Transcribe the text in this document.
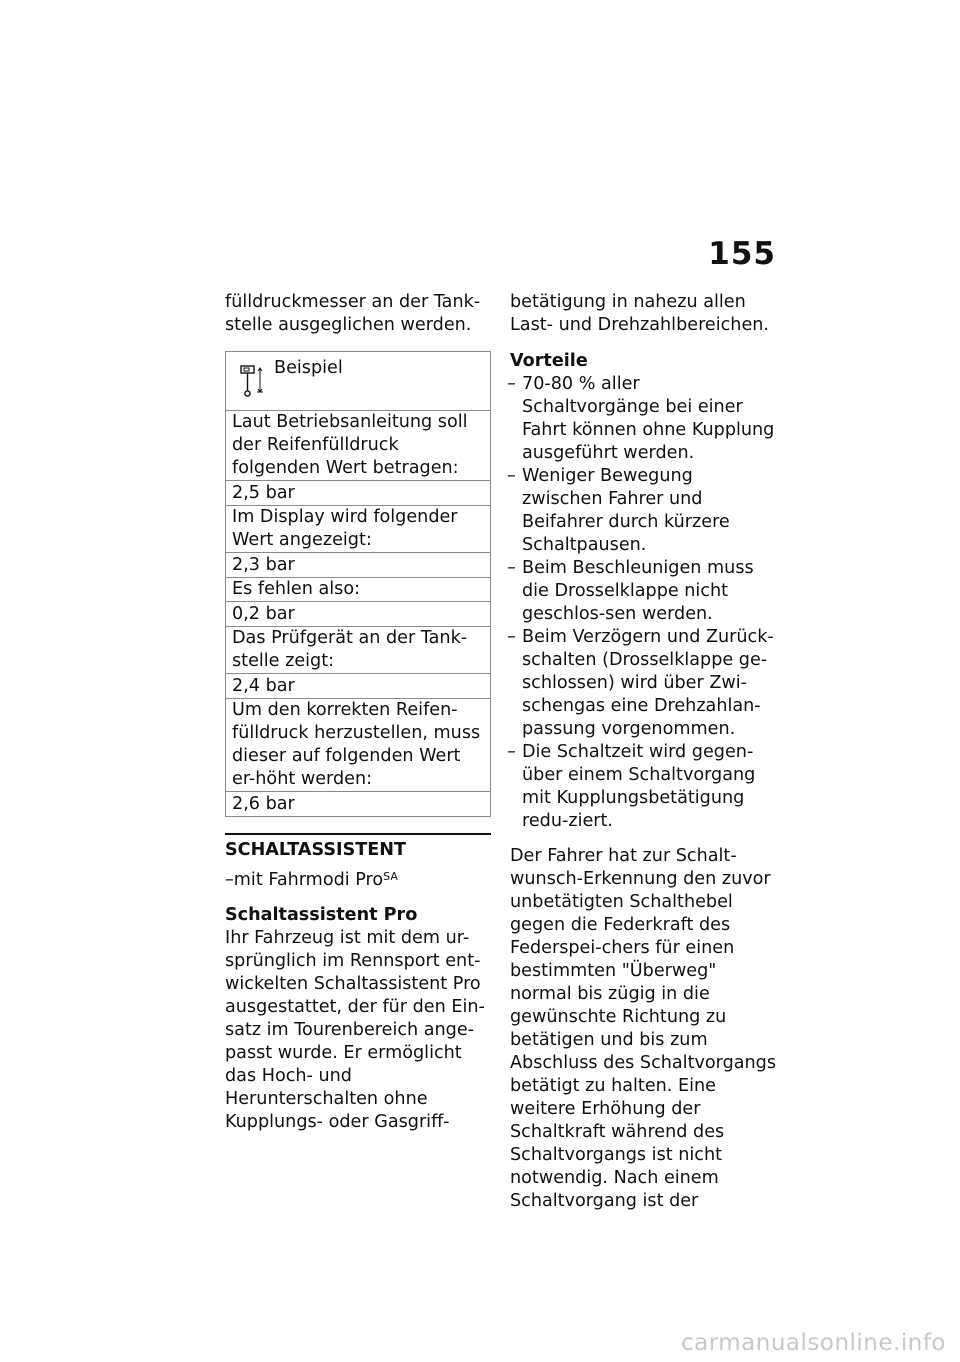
155

fülldruckmesser an der Tank-stelle ausgeglichen werden.

Beispiel
Laut Betriebsanleitung soll der Reifenfülldruck folgenden Wert betragen:
2,5 bar
Im Display wird folgender Wert angezeigt:
2,3 bar
Es fehlen also:
0,2 bar
Das Prüfgerät an der Tank-stelle zeigt:
2,4 bar
Um den korrekten Reifen-fülldruck herzustellen, muss dieser auf folgenden Wert er-höht werden:
2,6 bar
SCHALTASSISTENT
–mit Fahrmodi Pro$^{SA}$
Schaltassistent Pro

Ihr Fahrzeug ist mit dem ur-sprünglich im Rennsport ent-wickelten Schaltassistent Pro ausgestattet, der für den Ein-satz im Tourenbereich ange-passt wurde. Er ermöglicht das Hoch- und Herunterschalten ohne Kupplungs- oder Gasgriff-

betätigung in nahezu allen Last- und Drehzahlbereichen.

Vorteile
– 70-80 % aller Schaltvorgänge bei einer Fahrt können ohne Kupplung ausgeführt werden.
– Weniger Bewegung zwischen Fahrer und Beifahrer durch kürzere Schaltpausen.
– Beim Beschleunigen muss die Drosselklappe nicht geschlos-sen werden.
– Beim Verzögern und Zurück-schalten (Drosselklappe ge-schlossen) wird über Zwi-schengas eine Drehzahlan-passung vorgenommen.
– Die Schaltzeit wird gegen-über einem Schaltvorgang mit Kupplungsbetätigung redu-ziert.

Der Fahrer hat zur Schalt-wunsch-Erkennung den zuvor unbetätigten Schalthebel gegen die Federkraft des Federspei-chers für einen bestimmten "Überweg" normal bis zügig in die gewünschte Richtung zu betätigen und bis zum Abschluss des Schaltvorgangs betätigt zu halten. Eine weitere Erhöhung der Schaltkraft während des Schaltvorgangs ist nicht notwendig. Nach einem Schaltvorgang ist der

carmanualsonline.info
